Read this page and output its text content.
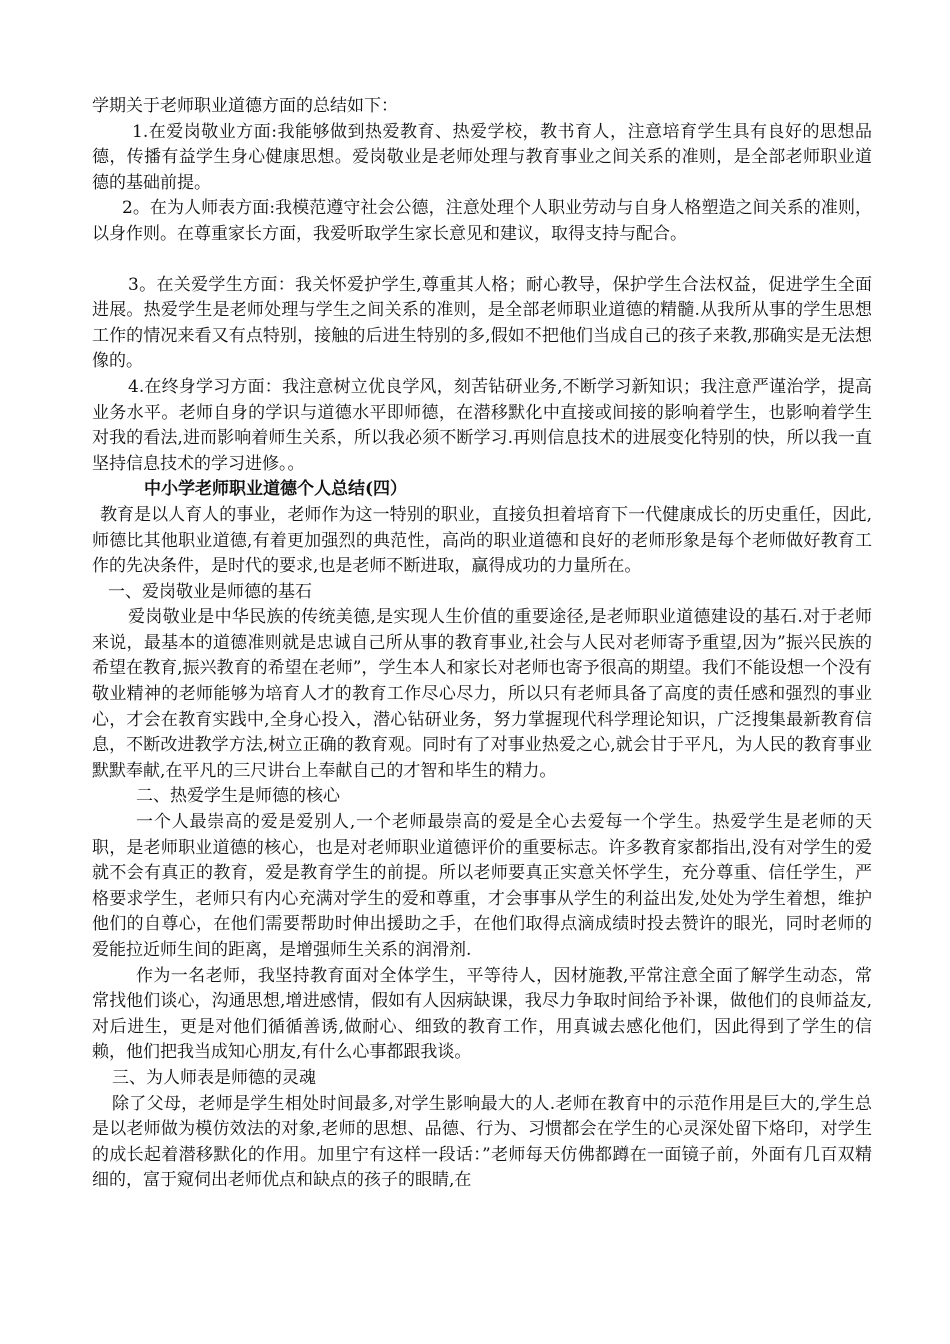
学期关于老师职业道德方面的总结如下：

1.在爱岗敬业方面:我能够做到热爱教育、热爱学校，教书育人，注意培育学生具有良好的思想品德，传播有益学生身心健康思想。爱岗敬业是老师处理与教育事业之间关系的准则，是全部老师职业道德的基础前提。

2。在为人师表方面:我模范遵守社会公德，注意处理个人职业劳动与自身人格塑造之间关系的准则，以身作则。在尊重家长方面，我爱听取学生家长意见和建议，取得支持与配合。

3。在关爱学生方面：我关怀爱护学生,尊重其人格；耐心教导，保护学生合法权益，促进学生全面进展。热爱学生是老师处理与学生之间关系的准则，是全部老师职业道德的精髓.从我所从事的学生思想工作的情况来看又有点特别，接触的后进生特别的多,假如不把他们当成自己的孩子来教,那确实是无法想像的。

4.在终身学习方面：我注意树立优良学风，刻苦钻研业务,不断学习新知识；我注意严谨治学，提高业务水平。老师自身的学识与道德水平即师德，在潜移默化中直接或间接的影响着学生，也影响着学生对我的看法,进而影响着师生关系，所以我必须不断学习.再则信息技术的进展变化特别的快，所以我一直坚持信息技术的学习进修。。

中小学老师职业道德个人总结(四）

教育是以人育人的事业，老师作为这一特别的职业，直接负担着培育下一代健康成长的历史重任，因此,师德比其他职业道德,有着更加强烈的典范性，高尚的职业道德和良好的老师形象是每个老师做好教育工作的先决条件，是时代的要求,也是老师不断进取，赢得成功的力量所在。

一、爱岗敬业是师德的基石

爱岗敬业是中华民族的传统美德,是实现人生价值的重要途径,是老师职业道德建设的基石.对于老师来说，最基本的道德准则就是忠诚自己所从事的教育事业,社会与人民对老师寄予重望,因为”振兴民族的希望在教育,振兴教育的希望在老师”，学生本人和家长对老师也寄予很高的期望。我们不能设想一个没有敬业精神的老师能够为培育人才的教育工作尽心尽力，所以只有老师具备了高度的责任感和强烈的事业心，才会在教育实践中,全身心投入，潜心钻研业务，努力掌握现代科学理论知识，广泛搜集最新教育信息，不断改进教学方法,树立正确的教育观。同时有了对事业热爱之心,就会甘于平凡，为人民的教育事业默默奉献,在平凡的三尺讲台上奉献自己的才智和毕生的精力。

二、热爱学生是师德的核心

一个人最崇高的爱是爱别人,一个老师最崇高的爱是全心去爱每一个学生。热爱学生是老师的天职，是老师职业道德的核心，也是对老师职业道德评价的重要标志。许多教育家都指出,没有对学生的爱就不会有真正的教育，爱是教育学生的前提。所以老师要真正实意关怀学生，充分尊重、信任学生，严格要求学生，老师只有内心充满对学生的爱和尊重，才会事事从学生的利益出发,处处为学生着想，维护他们的自尊心，在他们需要帮助时伸出援助之手，在他们取得点滴成绩时投去赞许的眼光，同时老师的爱能拉近师生间的距离，是增强师生关系的润滑剂.

作为一名老师，我坚持教育面对全体学生，平等待人，因材施教,平常注意全面了解学生动态，常常找他们谈心，沟通思想,增进感情，假如有人因病缺课，我尽力争取时间给予补课，做他们的良师益友,对后进生，更是对他们循循善诱,做耐心、细致的教育工作，用真诚去感化他们，因此得到了学生的信赖，他们把我当成知心朋友,有什么心事都跟我谈。

三、为人师表是师德的灵魂

除了父母，老师是学生相处时间最多,对学生影响最大的人.老师在教育中的示范作用是巨大的,学生总是以老师做为模仿效法的对象,老师的思想、品德、行为、习惯都会在学生的心灵深处留下烙印，对学生的成长起着潜移默化的作用。加里宁有这样一段话：”老师每天仿佛都蹲在一面镜子前，外面有几百双精细的，富于窥伺出老师优点和缺点的孩子的眼睛,在
